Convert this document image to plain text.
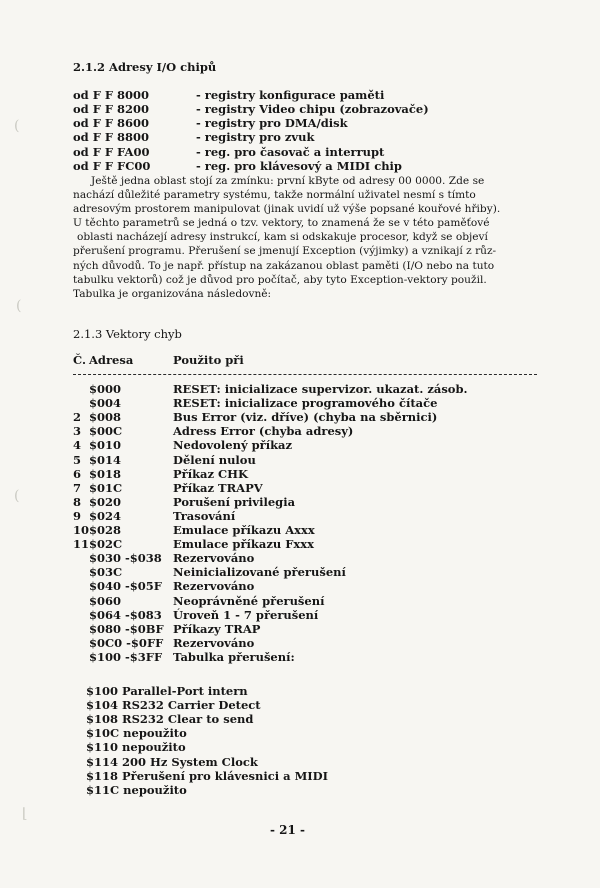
2.1.2 Adresy I/O chipů
od F F 8000	- registry konfigurace paměti
od F F 8200	- registry Video chipu (zobrazovače)
od F F 8600	- registry pro DMA/disk
od F F 8800	- registry pro zvuk
od F F FA00	- reg. pro časovač a interrupt
od F F FC00	- reg. pro klávesový a MIDI chip
Ještě jedna oblast stojí za zmínku: první kByte od adresy 00 0000. Zde se
nachází důležité parametry systému, takže normální uživatel nesmí s tímto
adresovým prostorem manipulovat (jinak uvidí už výše popsané kouřové hřiby).
U těchto parametrů se jedná o tzv. vektory, to znamená že se v této paměťové
oblasti nacházejí adresy instrukcí, kam si odskakuje procesor, když se objeví
přerušení programu. Přerušení se jmenují Exception (výjimky) a vznikají z růz-
ných důvodů. To je např. přístup na zakázanou oblast paměti (I/O nebo na tuto
tabulku vektorů) což je důvod pro počítač, aby tyto Exception-vektory použil.
Tabulka je organizována následovně:
2.1.3 Vektory chyb
Č. Adresa	Použito při
$000	RESET: inicializace supervizor. ukazat. zásob.
$004	RESET: inicializace programového čítače
2 $008	Bus Error (viz. dříve) (chyba na sběrnici)
3 $00C	Adress Error (chyba adresy)
4 $010	Nedovolený příkaz
5 $014	Dělení nulou
6 $018	Příkaz CHK
7 $01C	Příkaz TRAPV
8 $020	Porušení privilegia
9 $024	Trasování
10 $028	Emulace příkazu Axxx
11 $02C	Emulace příkazu Fxxx
$030 -$038 Rezervováno
$03C	Neinicializované přerušení
$040 -$05F Rezervováno
$060	Neoprávněné přerušení
$064 -$083 Úroveň 1 - 7 přerušení
$080 -$0BF Příkazy TRAP
$0C0 -$0FF Rezervováno
$100 -$3FF Tabulka přerušení:
$100 Parallel-Port intern
$104 RS232 Carrier Detect
$108 RS232 Clear to send
$10C nepoužito
$110 nepoužito
$114 200 Hz System Clock
$118 Přerušení pro klávesnici a MIDI
$11C nepoužito
- 21 -
(
(
(
⌊
